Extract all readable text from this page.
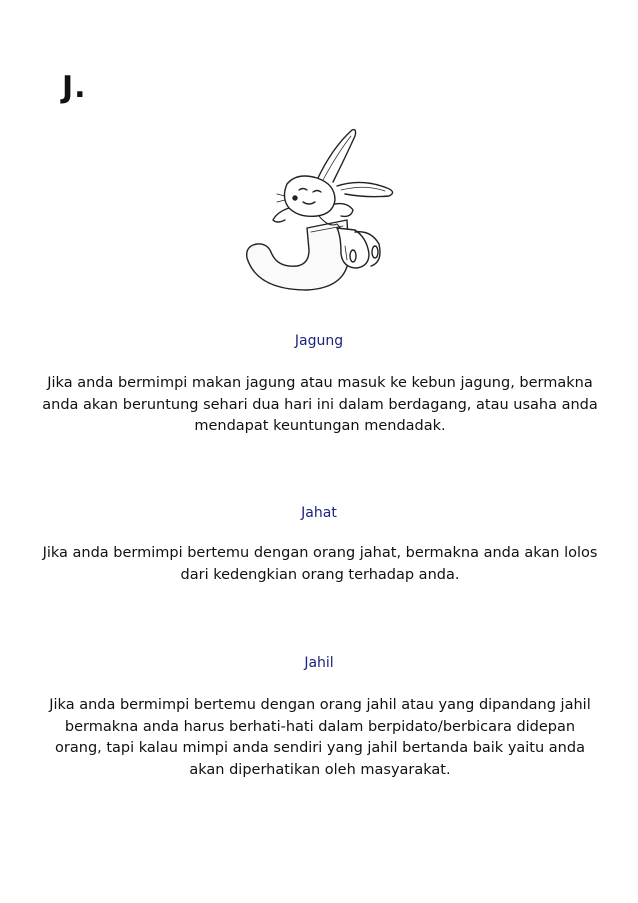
J.
Jagung
Jika anda bermimpi makan jagung atau masuk ke kebun jagung, bermakna anda akan beruntung sehari dua hari ini dalam berdagang, atau usaha anda mendapat keuntungan mendadak.
Jahat
Jika anda bermimpi bertemu dengan orang jahat, bermakna anda akan lolos dari kedengkian orang terhadap anda.
Jahil
Jika anda bermimpi bertemu dengan orang jahil atau yang dipandang jahil bermakna anda harus berhati-hati dalam berpidato/berbicara didepan orang, tapi kalau mimpi anda sendiri yang jahil bertanda baik yaitu anda akan diperhatikan oleh masyarakat.
